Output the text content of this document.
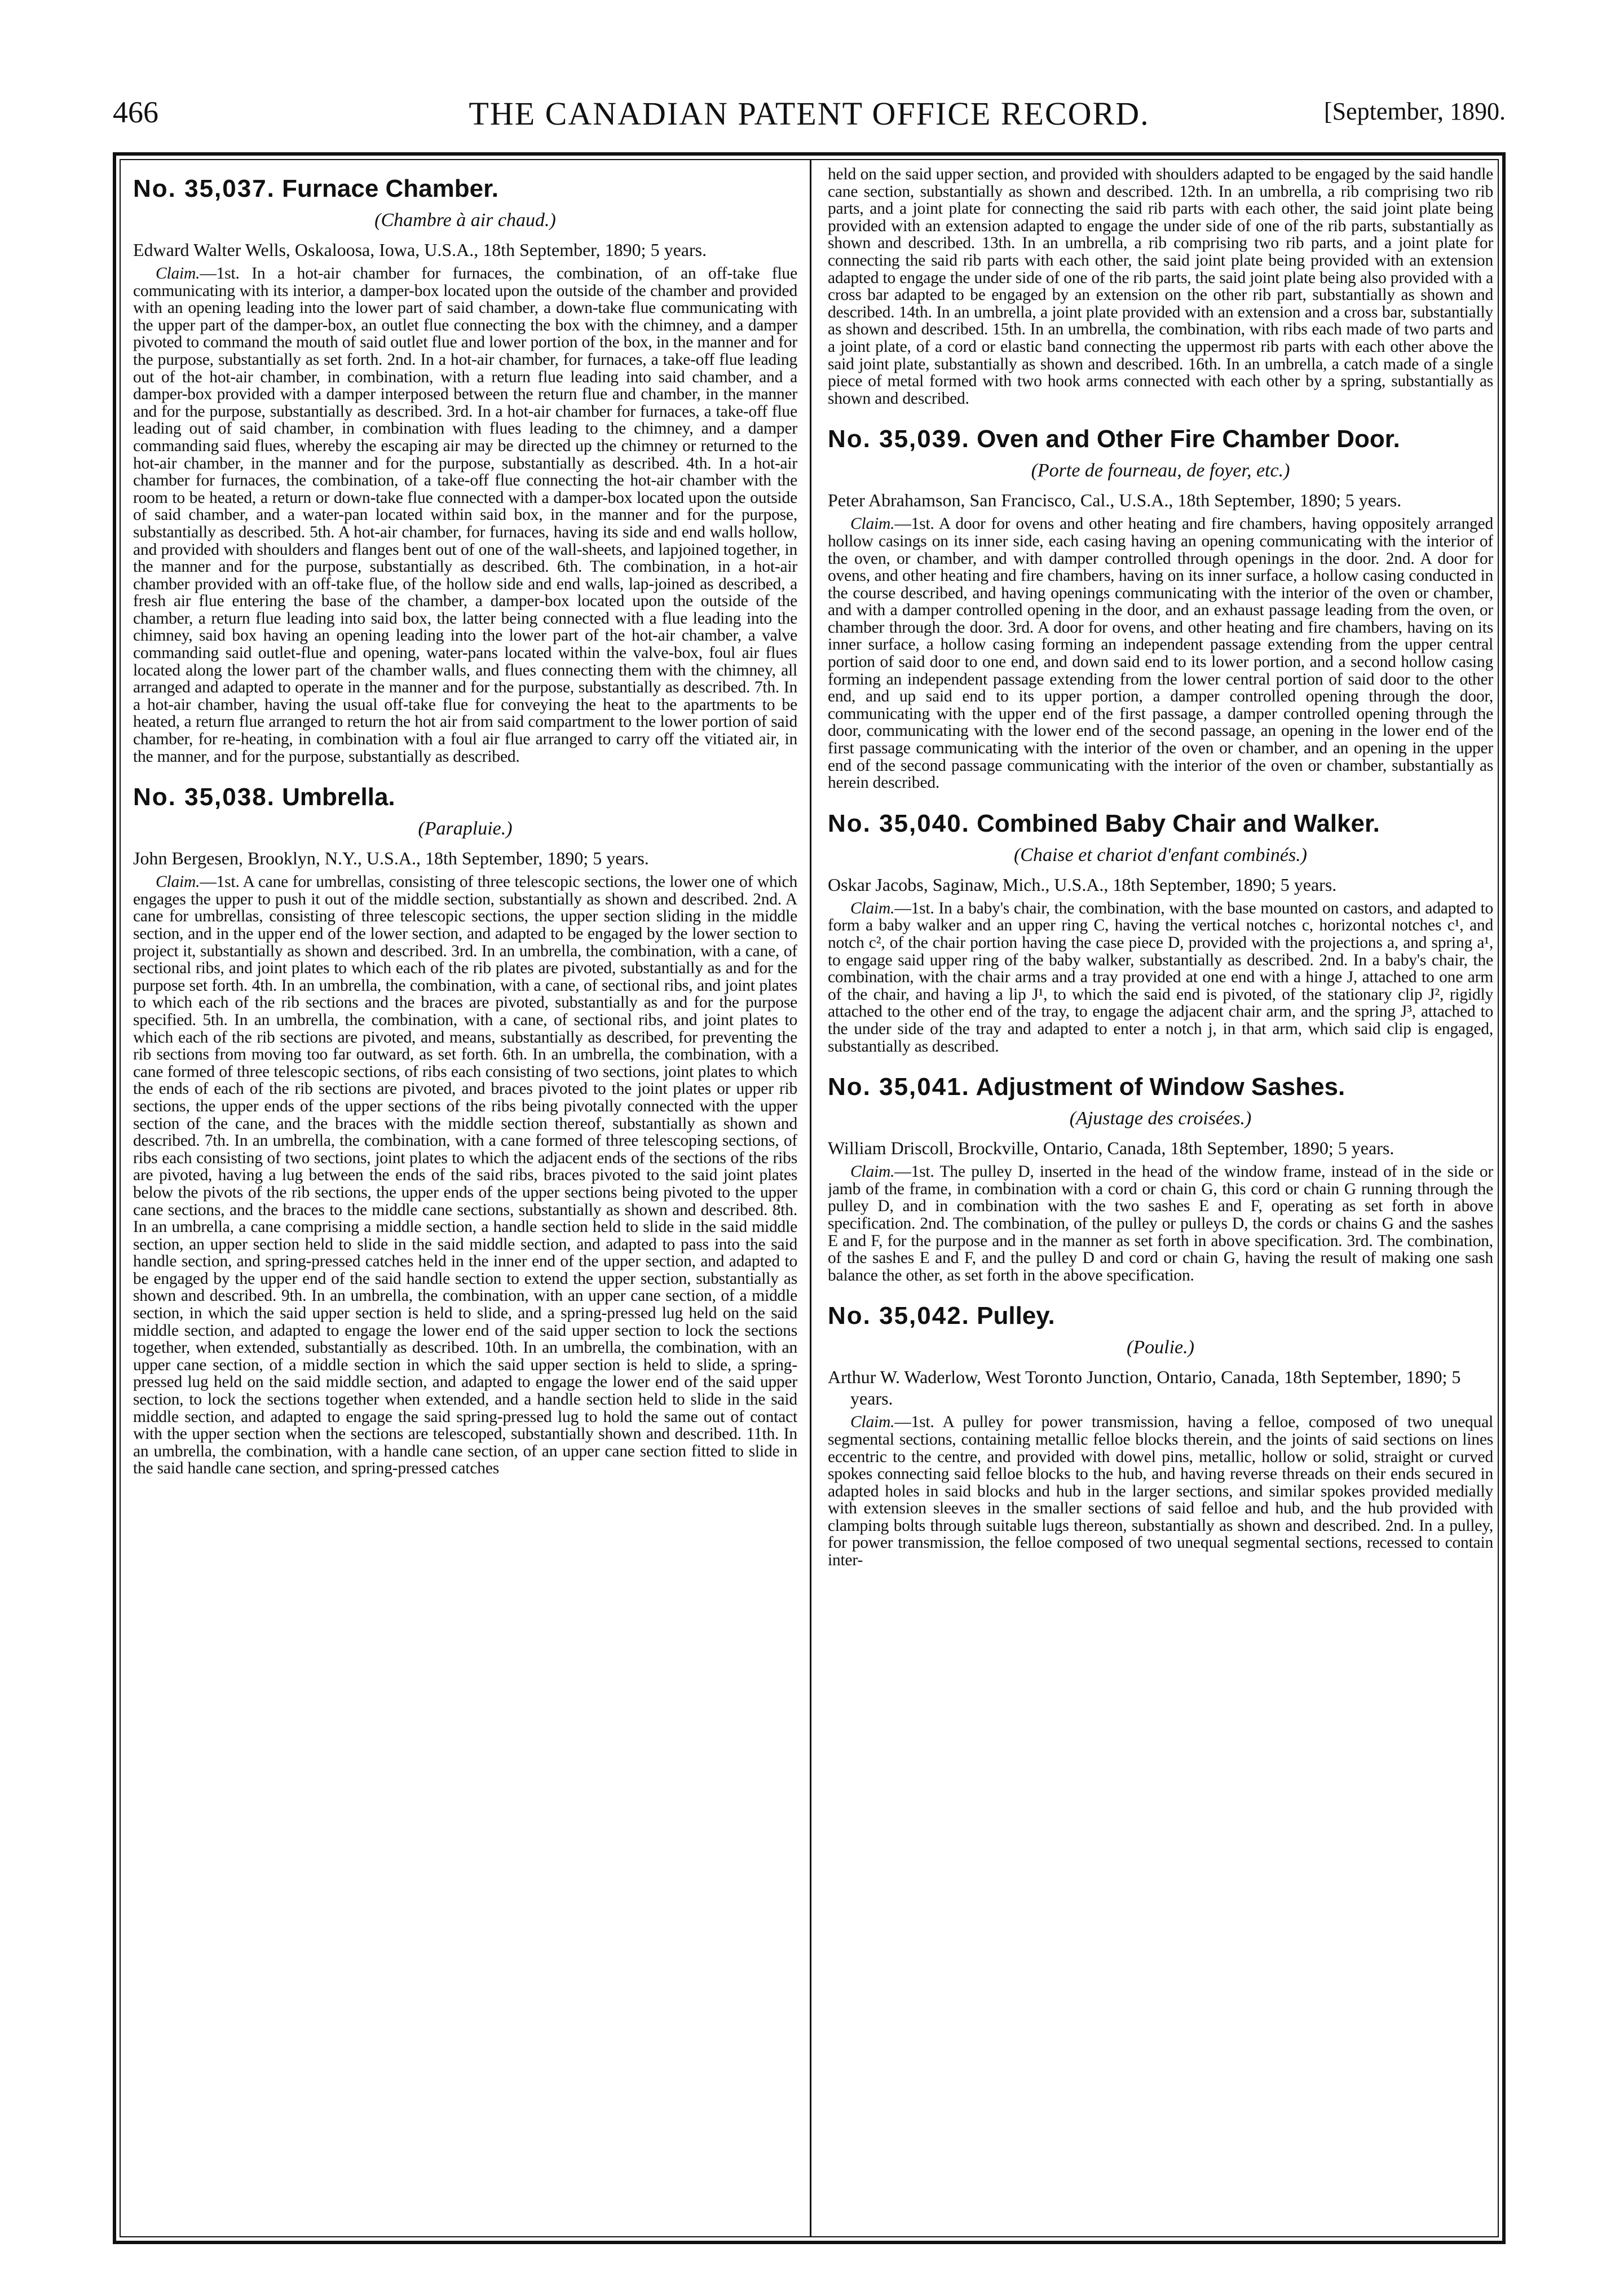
466	THE CANADIAN PATENT OFFICE RECORD.	[September, 1890.
No. 35,037. Furnace Chamber.
(Chambre à air chaud.)
Edward Walter Wells, Oskaloosa, Iowa, U.S.A., 18th September, 1890; 5 years.

Claim.—1st. In a hot-air chamber for furnaces, the combination, of an off-take flue communicating with its interior, a damper-box located upon the outside of the chamber and provided with an opening leading into the lower part of said chamber, a down-take flue communicating with the upper part of the damper-box, an outlet flue connecting the box with the chimney, and a damper pivoted to command the mouth of said outlet flue and lower portion of the box, in the manner and for the purpose, substantially as set forth. 2nd. In a hot-air chamber, for furnaces, a take-off flue leading out of the hot-air chamber, in combination, with a return flue leading into said chamber, and a damper-box provided with a damper interposed between the return flue and chamber, in the manner and for the purpose, substantially as described. 3rd. In a hot-air chamber for furnaces, a take-off flue leading out of said chamber, in combination with flues leading to the chimney, and a damper commanding said flues, whereby the escaping air may be directed up the chimney or returned to the hot-air chamber, in the manner and for the purpose, substantially as described. 4th. In a hot-air chamber for furnaces, the combination, of a take-off flue connecting the hot-air chamber with the room to be heated, a return or down-take flue connected with a damper-box located upon the outside of said chamber, and a water-pan located within said box, in the manner and for the purpose, substantially as described. 5th. A hot-air chamber, for furnaces, having its side and end walls hollow, and provided with shoulders and flanges bent out of one of the wall-sheets, and lapjoined together, in the manner and for the purpose, substantially as described. 6th. The combination, in a hot-air chamber provided with an off-take flue, of the hollow side and end walls, lap-joined as described, a fresh air flue entering the base of the chamber, a damper-box located upon the outside of the chamber, a return flue leading into said box, the latter being connected with a flue leading into the chimney, said box having an opening leading into the lower part of the hot-air chamber, a valve commanding said outlet-flue and opening, water-pans located within the valve-box, foul air flues located along the lower part of the chamber walls, and flues connecting them with the chimney, all arranged and adapted to operate in the manner and for the purpose, substantially as described. 7th. In a hot-air chamber, having the usual off-take flue for conveying the heat to the apartments to be heated, a return flue arranged to return the hot air from said compartment to the lower portion of said chamber, for re-heating, in combination with a foul air flue arranged to carry off the vitiated air, in the manner, and for the purpose, substantially as described.

No. 35,038. Umbrella.
(Parapluie.)
John Bergesen, Brooklyn, N.Y., U.S.A., 18th September, 1890; 5 years.

Claim.—1st. A cane for umbrellas, consisting of three telescopic sections, the lower one of which engages the upper to push it out of the middle section, substantially as shown and described. 2nd. A cane for umbrellas, consisting of three telescopic sections, the upper section sliding in the middle section, and in the upper end of the lower section, and adapted to be engaged by the lower section to project it, substantially as shown and described. 3rd. In an umbrella, the combination, with a cane, of sectional ribs, and joint plates to which each of the rib plates are pivoted, substantially as and for the purpose set forth. 4th. In an umbrella, the combination, with a cane, of sectional ribs, and joint plates to which each of the rib sections and the braces are pivoted, substantially as and for the purpose specified. 5th. In an umbrella, the combination, with a cane, of sectional ribs, and joint plates to which each of the rib sections are pivoted, and means, substantially as described, for preventing the rib sections from moving too far outward, as set forth. 6th. In an umbrella, the combination, with a cane formed of three telescopic sections, of ribs each consisting of two sections, joint plates to which the ends of each of the rib sections are pivoted, and braces pivoted to the joint plates or upper rib sections, the upper ends of the upper sections of the ribs being pivotally connected with the upper section of the cane, and the braces with the middle section thereof, substantially as shown and described. 7th. In an umbrella, the combination, with a cane formed of three telescoping sections, of ribs each consisting of two sections, joint plates to which the adjacent ends of the sections of the ribs are pivoted, having a lug between the ends of the said ribs, braces pivoted to the said joint plates below the pivots of the rib sections, the upper ends of the upper sections being pivoted to the upper cane sections, and the braces to the middle cane sections, substantially as shown and described. 8th. In an umbrella, a cane comprising a middle section, a handle section held to slide in the said middle section, an upper section held to slide in the said middle section, and adapted to pass into the said handle section, and spring-pressed catches held in the inner end of the upper section, and adapted to be engaged by the upper end of the said handle section to extend the upper section, substantially as shown and described. 9th. In an umbrella, the combination, with an upper cane section, of a middle section, in which the said upper section is held to slide, and a spring-pressed lug held on the said middle section, and adapted to engage the lower end of the said upper section to lock the sections together, when extended, substantially as described. 10th. In an umbrella, the combination, with an upper cane section, of a middle section in which the said upper section is held to slide, a spring-pressed lug held on the said middle section, and adapted to engage the lower end of the said upper section, to lock the sections together when extended, and a handle section held to slide in the said middle section, and adapted to engage the said spring-pressed lug to hold the same out of contact with the upper section when the sections are telescoped, substantially shown and described. 11th. In an umbrella, the combination, with a handle cane section, of an upper cane section fitted to slide in the said handle cane section, and spring-pressed catches

held on the said upper section, and provided with shoulders adapted to be engaged by the said handle cane section, substantially as shown and described. 12th. In an umbrella, a rib comprising two rib parts, and a joint plate for connecting the said rib parts with each other, the said joint plate being provided with an extension adapted to engage the under side of one of the rib parts, substantially as shown and described. 13th. In an umbrella, a rib comprising two rib parts, and a joint plate for connecting the said rib parts with each other, the said joint plate being provided with an extension adapted to engage the under side of one of the rib parts, the said joint plate being also provided with a cross bar adapted to be engaged by an extension on the other rib part, substantially as shown and described. 14th. In an umbrella, a joint plate provided with an extension and a cross bar, substantially as shown and described. 15th. In an umbrella, the combination, with ribs each made of two parts and a joint plate, of a cord or elastic band connecting the uppermost rib parts with each other above the said joint plate, substantially as shown and described. 16th. In an umbrella, a catch made of a single piece of metal formed with two hook arms connected with each other by a spring, substantially as shown and described.

No. 35,039. Oven and Other Fire Chamber Door.
(Porte de fourneau, de foyer, etc.)
Peter Abrahamson, San Francisco, Cal., U.S.A., 18th September, 1890; 5 years.

Claim.—1st. A door for ovens and other heating and fire chambers, having oppositely arranged hollow casings on its inner side, each casing having an opening communicating with the interior of the oven, or chamber, and with damper controlled through openings in the door. 2nd. A door for ovens, and other heating and fire chambers, having on its inner surface, a hollow casing conducted in the course described, and having openings communicating with the interior of the oven or chamber, and with a damper controlled opening in the door, and an exhaust passage leading from the oven, or chamber through the door. 3rd. A door for ovens, and other heating and fire chambers, having on its inner surface, a hollow casing forming an independent passage extending from the upper central portion of said door to one end, and down said end to its lower portion, and a second hollow casing forming an independent passage extending from the lower central portion of said door to the other end, and up said end to its upper portion, a damper controlled opening through the door, communicating with the upper end of the first passage, a damper controlled opening through the door, communicating with the lower end of the second passage, an opening in the lower end of the first passage communicating with the interior of the oven or chamber, and an opening in the upper end of the second passage communicating with the interior of the oven or chamber, substantially as herein described.

No. 35,040. Combined Baby Chair and Walker.
(Chaise et chariot d'enfant combinés.)
Oskar Jacobs, Saginaw, Mich., U.S.A., 18th September, 1890; 5 years.

Claim.—1st. In a baby's chair, the combination, with the base mounted on castors, and adapted to form a baby walker and an upper ring C, having the vertical notches c, horizontal notches c¹, and notch c², of the chair portion having the case piece D, provided with the projections a, and spring a¹, to engage said upper ring of the baby walker, substantially as described. 2nd. In a baby's chair, the combination, with the chair arms and a tray provided at one end with a hinge J, attached to one arm of the chair, and having a lip J¹, to which the said end is pivoted, of the stationary clip J², rigidly attached to the other end of the tray, to engage the adjacent chair arm, and the spring J³, attached to the under side of the tray and adapted to enter a notch j, in that arm, which said clip is engaged, substantially as described.

No. 35,041. Adjustment of Window Sashes.
(Ajustage des croisées.)
William Driscoll, Brockville, Ontario, Canada, 18th September, 1890; 5 years.

Claim.—1st. The pulley D, inserted in the head of the window frame, instead of in the side or jamb of the frame, in combination with a cord or chain G, this cord or chain G running through the pulley D, and in combination with the two sashes E and F, operating as set forth in above specification. 2nd. The combination, of the pulley or pulleys D, the cords or chains G and the sashes E and F, for the purpose and in the manner as set forth in above specification. 3rd. The combination, of the sashes E and F, and the pulley D and cord or chain G, having the result of making one sash balance the other, as set forth in the above specification.

No. 35,042. Pulley.
(Poulie.)
Arthur W. Waderlow, West Toronto Junction, Ontario, Canada, 18th September, 1890; 5 years.

Claim.—1st. A pulley for power transmission, having a felloe, composed of two unequal segmental sections, containing metallic felloe blocks therein, and the joints of said sections on lines eccentric to the centre, and provided with dowel pins, metallic, hollow or solid, straight or curved spokes connecting said felloe blocks to the hub, and having reverse threads on their ends secured in adapted holes in said blocks and hub in the larger sections, and similar spokes provided medially with extension sleeves in the smaller sections of said felloe and hub, and the hub provided with clamping bolts through suitable lugs thereon, substantially as shown and described. 2nd. In a pulley, for power transmission, the felloe composed of two unequal segmental sections, recessed to contain inter-
